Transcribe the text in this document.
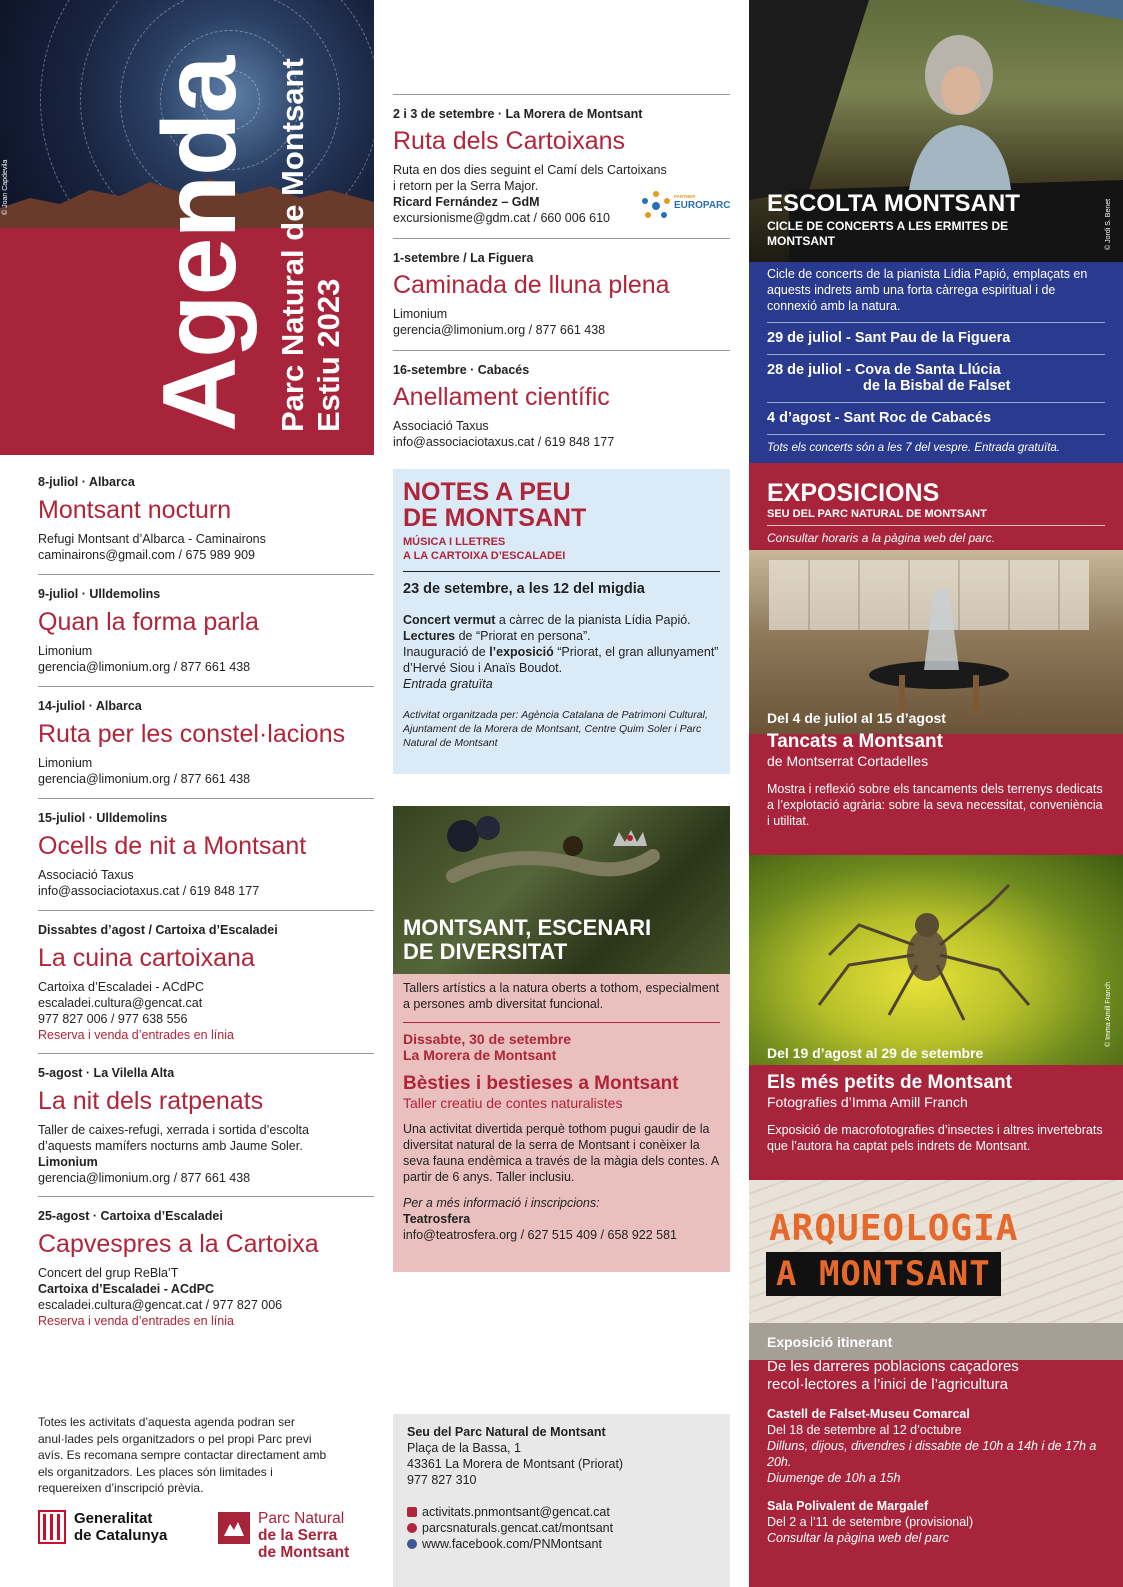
© Joan Capdevila Agenda Parc Natural de Montsant Estiu 2023
8-juliol · Albarca
Montsant nocturn
Refugi Montsant d’Albarca - Caminairons
caminairons@gmail.com / 675 989 909
9-juliol · Ulldemolins
Quan la forma parla
Limonium
gerencia@limonium.org / 877 661 438
14-juliol · Albarca
Ruta per les constel·lacions
Limonium
gerencia@limonium.org / 877 661 438
15-juliol · Ulldemolins
Ocells de nit a Montsant
Associació Taxus
info@associaciotaxus.cat / 619 848 177
Dissabtes d’agost / Cartoixa d’Escaladei
La cuina cartoixana
Cartoixa d’Escaladei - ACdPC
escaladei.cultura@gencat.cat
977 827 006 / 977 638 556
Reserva i venda d’entrades en línia
5-agost · La Vilella Alta
La nit dels ratpenats
Taller de caixes-refugi, xerrada i sortida d’escolta
d’aquests mamífers nocturns amb Jaume Soler.
Limonium
gerencia@limonium.org / 877 661 438
25-agost · Cartoixa d’Escaladei
Capvespres a la Cartoixa
Concert del grup ReBla’T
Cartoixa d’Escaladei - ACdPC
escaladei.cultura@gencat.cat / 977 827 006
Reserva i venda d’entrades en línia
Totes les activitats d’aquesta agenda podran ser anul·lades pels organitzadors o pel propi Parc previ avís. Es recomana sempre contactar directament amb els organitzadors. Les places són limitades i requereixen d’inscripció prèvia.
Generalitat
de Catalunya
Parc Natural
de la Serra
de Montsant
2 i 3 de setembre · La Morera de Montsant
Ruta dels Cartoixans
Ruta en dos dies seguint el Camí dels Cartoixans
i retorn per la Serra Major.
Ricard Fernández – GdM
excursionisme@gdm.cat / 660 006 610
PARTNER
EUROPARC
1-setembre / La Figuera
Caminada de lluna plena
Limonium
gerencia@limonium.org / 877 661 438
16-setembre · Cabacés
Anellament científic
Associació Taxus
info@associaciotaxus.cat / 619 848 177
NOTES A PEU
DE MONTSANT
MÚSICA I LLETRES
A LA CARTOIXA D’ESCALADEI
23 de setembre, a les 12 del migdia
Concert vermut a càrrec de la pianista Lídia Papió.
Lectures de “Priorat en persona”.
Inauguració de l’exposició “Priorat, el gran allunyament” d’Hervé Siou i Anaïs Boudot.
Entrada gratuïta
Activitat organitzada per: Agència Catalana de Patrimoni Cultural, Ajuntament de la Morera de Montsant, Centre Quim Soler i Parc Natural de Montsant
MONTSANT, ESCENARI
DE DIVERSITAT
Tallers artístics a la natura oberts a tothom, especialment a persones amb diversitat funcional.
Dissabte, 30 de setembre
La Morera de Montsant
Bèsties i bestieses a Montsant
Taller creatiu de contes naturalistes
Una activitat divertida perquè tothom pugui gaudir de la diversitat natural de la serra de Montsant i conèixer la seva fauna endèmica a través de la màgia dels contes. A partir de 6 anys. Taller inclusiu.
Per a més informació i inscripcions:
Teatrosfera
info@teatrosfera.org / 627 515 409 / 658 922 581
Seu del Parc Natural de Montsant
Plaça de la Bassa, 1
43361 La Morera de Montsant (Priorat)
977 827 310
activitats.pnmontsant@gencat.cat
parcsnaturals.gencat.cat/montsant
www.facebook.com/PNMontsant
ESCOLTA MONTSANT
CICLE DE CONCERTS A LES ERMITES DE MONTSANT	© Jordi S. Benet
Cicle de concerts de la pianista Lídia Papió, emplaçats en aquests indrets amb una forta càrrega espiritual i de connexió amb la natura.
29 de juliol - Sant Pau de la Figuera
28 de juliol - Cova de Santa Llúcia
de la Bisbal de Falset
4 d’agost - Sant Roc de Cabacés
Tots els concerts són a les 7 del vespre. Entrada gratuïta.
EXPOSICIONS
SEU DEL PARC NATURAL DE MONTSANT
Consultar horaris a la pàgina web del parc.
Del 4 de juliol al 15 d’agost
Tancats a Montsant
de Montserrat Cortadelles
Mostra i reflexió sobre els tancaments dels terrenys dedicats a l’explotació agrària: sobre la seva necessitat, conveniència i utilitat.
Del 19 d’agost al 29 de setembre
© Imma Amill Franch
Els més petits de Montsant
Fotografies d’Imma Amill Franch
Exposició de macrofotografies d’insectes i altres invertebrats que l’autora ha captat pels indrets de Montsant.
ARQUEOLOGIA
A MONTSANT
Exposició itinerant
De les darreres poblacions caçadores recol·lectores a l’inici de l’agricultura
Castell de Falset-Museu Comarcal
Del 18 de setembre al 12 d’octubre
Dilluns, dijous, divendres i dissabte de 10h a 14h i de 17h a 20h.
Diumenge de 10h a 15h
Sala Polivalent de Margalef
Del 2 a l’11 de setembre (provisional)
Consultar la pàgina web del parc
